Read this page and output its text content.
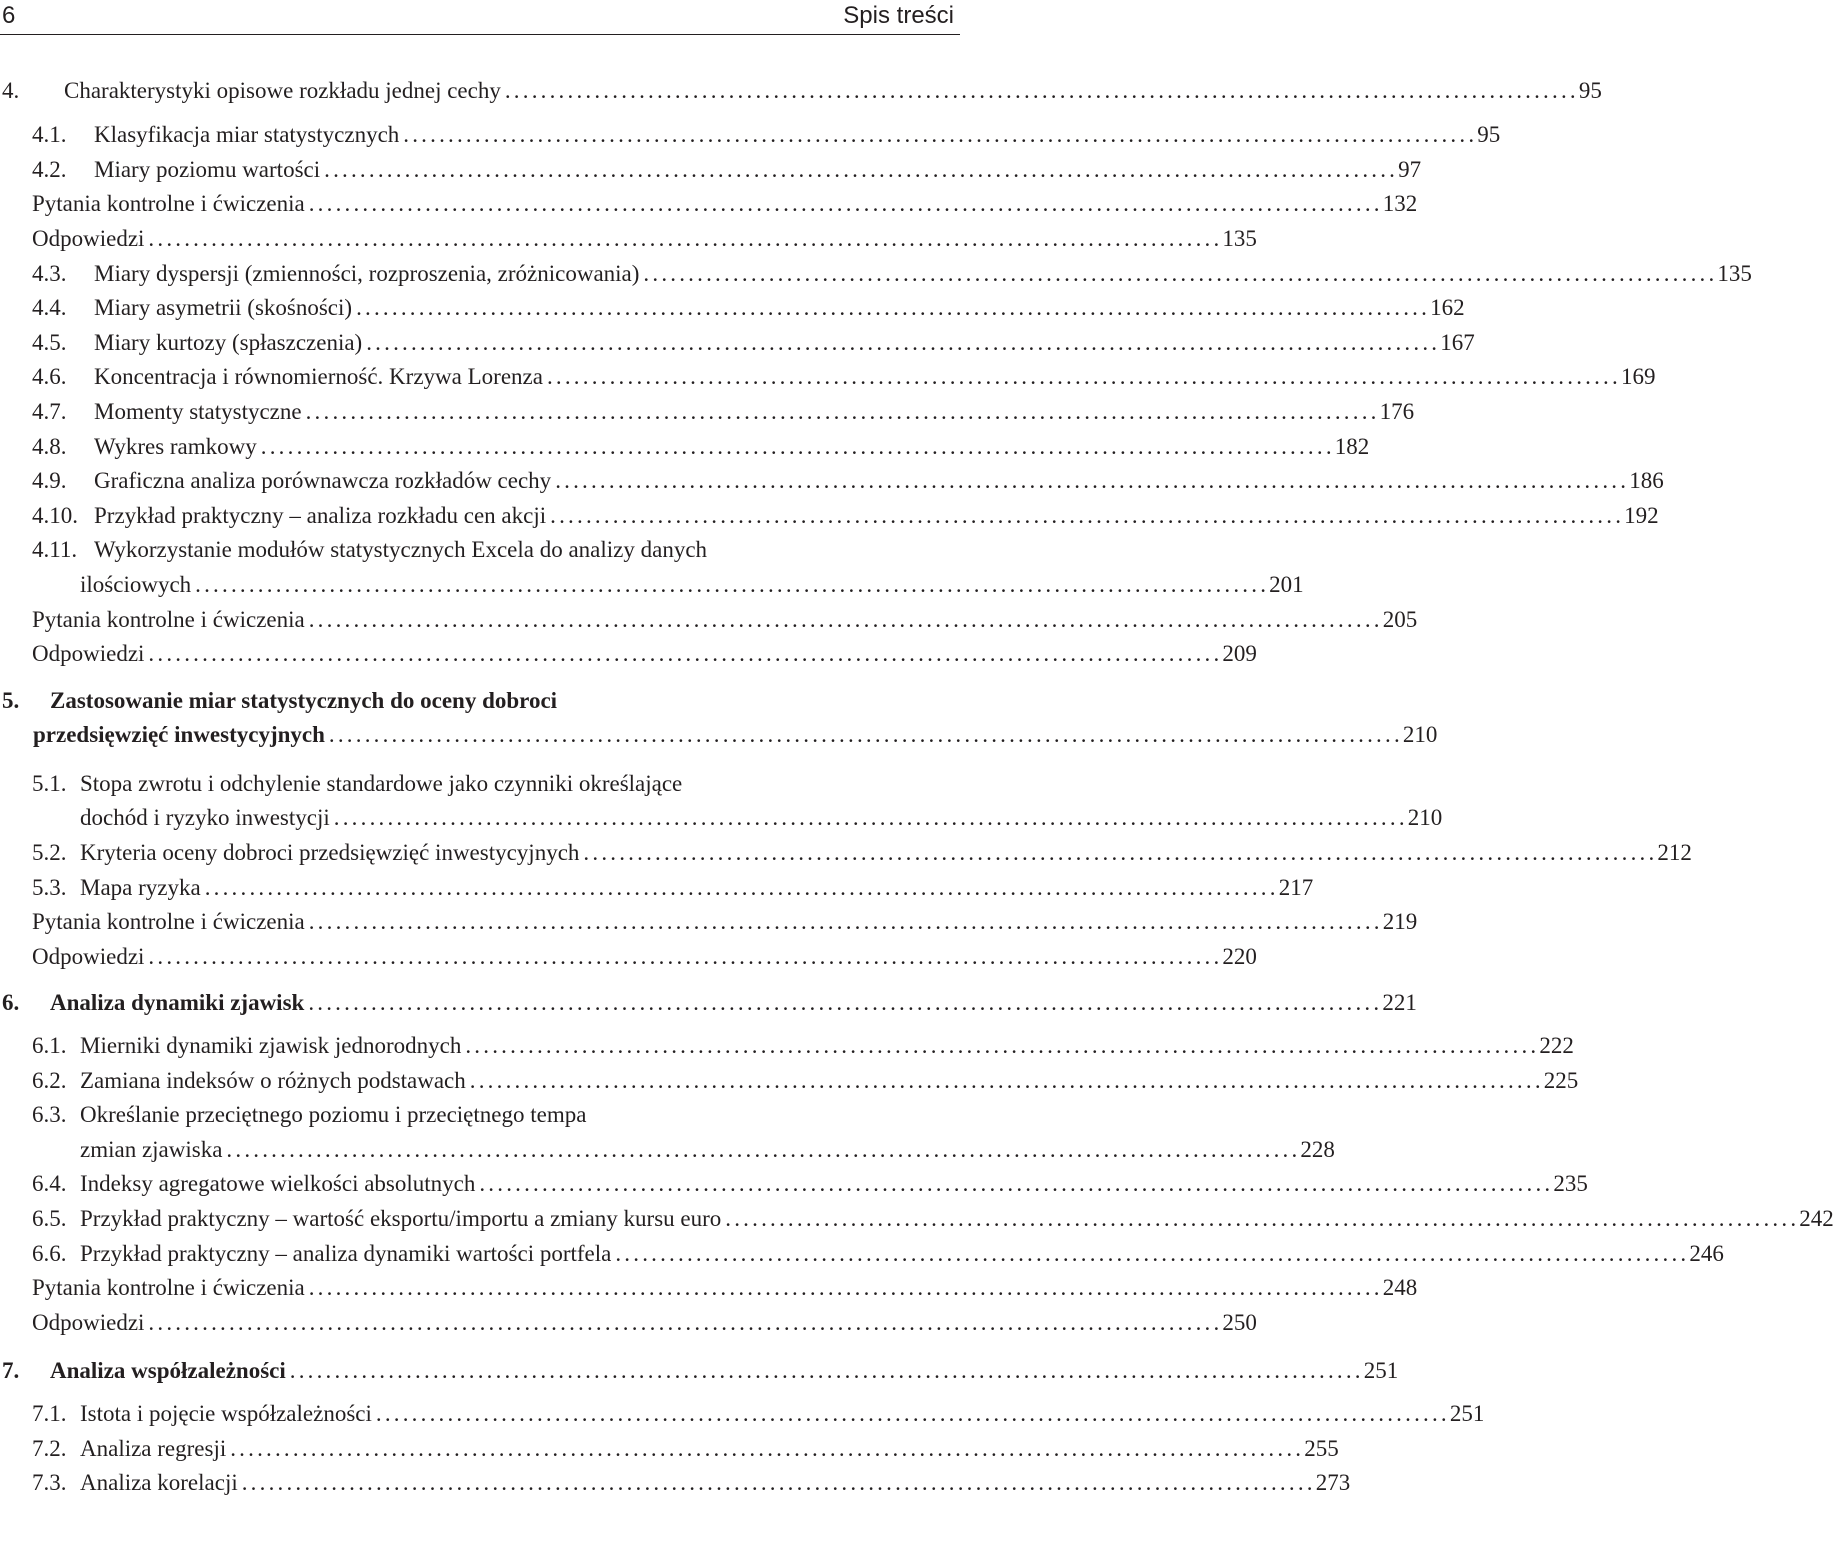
6	Spis treści
4. Charakterystyki opisowe rozkładu jednej cechy ........................................................................................................................ 95
4.1. Klasyfikacja miar statystycznych ........................................................................................................................ 95
4.2. Miary poziomu wartości ........................................................................................................................ 97
Pytania kontrolne i ćwiczenia ........................................................................................................................ 132
Odpowiedzi ........................................................................................................................ 135
4.3. Miary dyspersji (zmienności, rozproszenia, zróżnicowania) ........................................................................................................................ 135
4.4. Miary asymetrii (skośności) ........................................................................................................................ 162
4.5. Miary kurtozy (spłaszczenia) ........................................................................................................................ 167
4.6. Koncentracja i równomierność. Krzywa Lorenza ........................................................................................................................ 169
4.7. Momenty statystyczne ........................................................................................................................ 176
4.8. Wykres ramkowy ........................................................................................................................ 182
4.9. Graficzna analiza porównawcza rozkładów cechy ........................................................................................................................ 186
4.10. Przykład praktyczny – analiza rozkładu cen akcji ........................................................................................................................ 192
4.11. Wykorzystanie modułów statystycznych Excela do analizy danych
ilościowych ........................................................................................................................ 201
Pytania kontrolne i ćwiczenia ........................................................................................................................ 205
Odpowiedzi ........................................................................................................................ 209
5. Zastosowanie miar statystycznych do oceny dobroci
przedsięwzięć inwestycyjnych ........................................................................................................................ 210
5.1. Stopa zwrotu i odchylenie standardowe jako czynniki określające
dochód i ryzyko inwestycji ........................................................................................................................ 210
5.2. Kryteria oceny dobroci przedsięwzięć inwestycyjnych ........................................................................................................................ 212
5.3. Mapa ryzyka ........................................................................................................................ 217
Pytania kontrolne i ćwiczenia ........................................................................................................................ 219
Odpowiedzi ........................................................................................................................ 220
6. Analiza dynamiki zjawisk ........................................................................................................................ 221
6.1. Mierniki dynamiki zjawisk jednorodnych ........................................................................................................................ 222
6.2. Zamiana indeksów o różnych podstawach ........................................................................................................................ 225
6.3. Określanie przeciętnego poziomu i przeciętnego tempa
zmian zjawiska ........................................................................................................................ 228
6.4. Indeksy agregatowe wielkości absolutnych ........................................................................................................................ 235
6.5. Przykład praktyczny – wartość eksportu/importu a zmiany kursu euro ........................................................................................................................ 242
6.6. Przykład praktyczny – analiza dynamiki wartości portfela ........................................................................................................................ 246
Pytania kontrolne i ćwiczenia ........................................................................................................................ 248
Odpowiedzi ........................................................................................................................ 250
7. Analiza współzależności ........................................................................................................................ 251
7.1. Istota i pojęcie współzależności ........................................................................................................................ 251
7.2. Analiza regresji ........................................................................................................................ 255
7.3. Analiza korelacji ........................................................................................................................ 273
